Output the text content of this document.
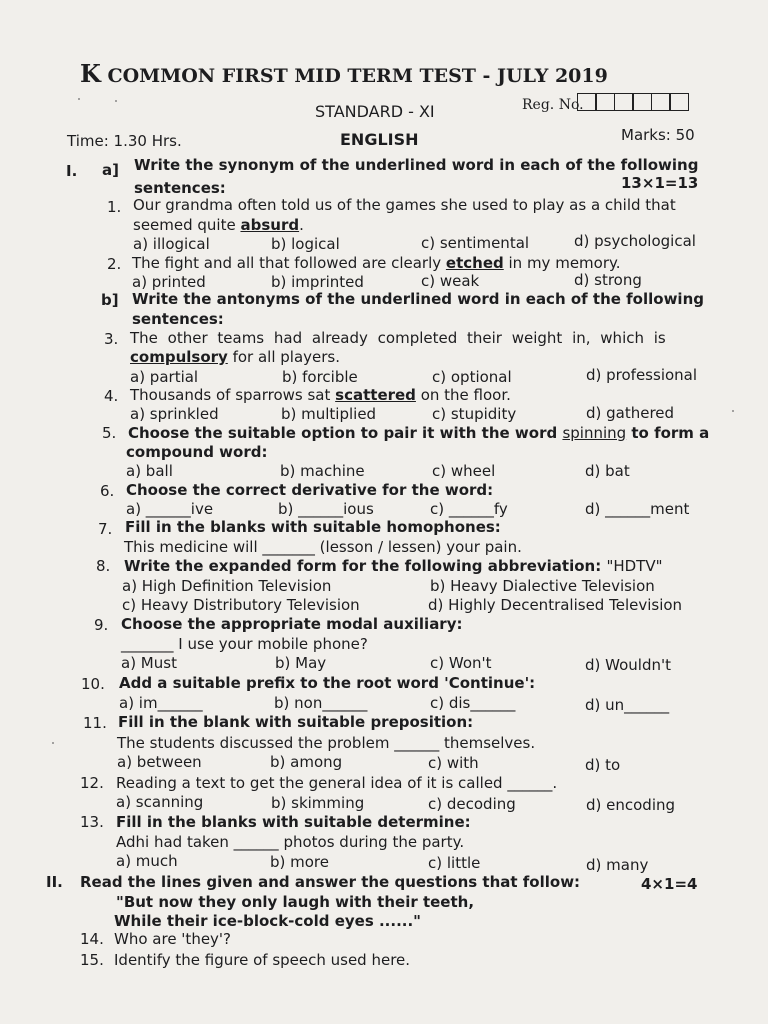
K COMMON FIRST MID TERM TEST - JULY 2019
STANDARD - XI	Reg. No.
Time: 1.30 Hrs.	ENGLISH	Marks: 50
I. a] Write the synonym of the underlined word in each of the following
sentences:	13×1=13
1. Our grandma often told us of the games she used to play as a child that
seemed quite absurd.
a) illogical	b) logical	c) sentimental	d) psychological
2. The fight and all that followed are clearly etched in my memory.
a) printed	b) imprinted	c) weak	d) strong
b] Write the antonyms of the underlined word in each of the following
sentences:
3. The other teams had already completed their weight in, which is
compulsory for all players.
a) partial	b) forcible	c) optional	d) professional
4. Thousands of sparrows sat scattered on the floor.
a) sprinkled	b) multiplied	c) stupidity	d) gathered
5. Choose the suitable option to pair it with the word spinning to form a
compound word:
a) ball	b) machine	c) wheel	d) bat
6. Choose the correct derivative for the word:
a) ______ive	b) ______ious	c) ______fy	d) ______ment
7. Fill in the blanks with suitable homophones:
This medicine will _______ (lesson / lessen) your pain.
8. Write the expanded form for the following abbreviation: "HDTV"
a) High Definition Television	b) Heavy Dialective Television
c) Heavy Distributory Television	d) Highly Decentralised Television
9. Choose the appropriate modal auxiliary:
_______ I use your mobile phone?
a) Must	b) May	c) Won't	d) Wouldn't
10. Add a suitable prefix to the root word 'Continue':
a) im______	b) non______	c) dis______	d) un______
11. Fill in the blank with suitable preposition:
The students discussed the problem ______ themselves.
a) between	b) among	c) with	d) to
12. Reading a text to get the general idea of it is called ______.
a) scanning	b) skimming	c) decoding	d) encoding
13. Fill in the blanks with suitable determine:
Adhi had taken ______ photos during the party.
a) much	b) more	c) little	d) many
II. Read the lines given and answer the questions that follow:	4×1=4
"But now they only laugh with their teeth,
While their ice-block-cold eyes ......"
14. Who are 'they'?
15. Identify the figure of speech used here.
